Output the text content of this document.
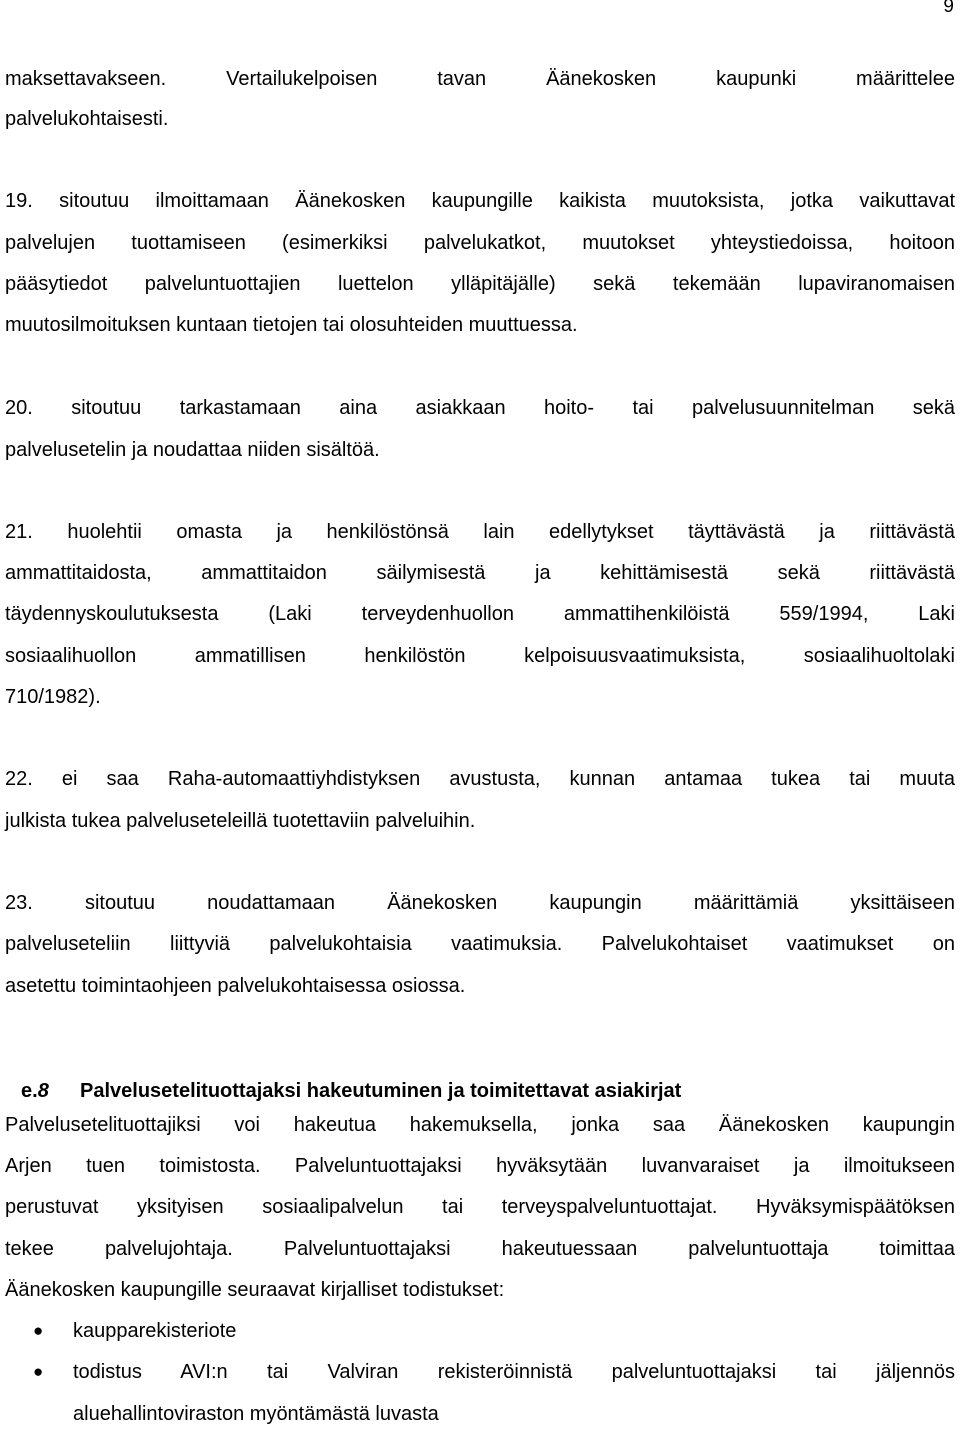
9
maksettavakseen. Vertailukelpoisen tavan Äänekosken kaupunki määrittelee
palvelukohtaisesti.
19. sitoutuu ilmoittamaan Äänekosken kaupungille kaikista muutoksista, jotka vaikuttavat
palvelujen tuottamiseen (esimerkiksi palvelukatkot, muutokset yhteystiedoissa, hoitoon
pääsytiedot palveluntuottajien luettelon ylläpitäjälle) sekä tekemään lupaviranomaisen
muutosilmoituksen kuntaan tietojen tai olosuhteiden muuttuessa.
20. sitoutuu tarkastamaan aina asiakkaan hoito- tai palvelusuunnitelman sekä
palvelusetelin ja noudattaa niiden sisältöä.
21. huolehtii omasta ja henkilöstönsä lain edellytykset täyttävästä ja riittävästä
ammattitaidosta, ammattitaidon säilymisestä ja kehittämisestä sekä riittävästä
täydennyskoulutuksesta (Laki terveydenhuollon ammattihenkilöistä 559/1994, Laki
sosiaalihuollon ammatillisen henkilöstön kelpoisuusvaatimuksista, sosiaalihuoltolaki
710/1982).
22. ei saa Raha-automaattiyhdistyksen avustusta, kunnan antamaa tukea tai muuta
julkista tukea palveluseteleillä tuotettaviin palveluihin.
23. sitoutuu noudattamaan Äänekosken kaupungin määrittämiä yksittäiseen
palveluseteliin liittyviä palvelukohtaisia vaatimuksia. Palvelukohtaiset vaatimukset on
asetettu toimintaohjeen palvelukohtaisessa osiossa.
e.8 Palvelusetelituottajaksi hakeutuminen ja toimitettavat asiakirjat
Palvelusetelituottajiksi voi hakeutua hakemuksella, jonka saa Äänekosken kaupungin
Arjen tuen toimistosta. Palveluntuottajaksi hyväksytään luvanvaraiset ja ilmoitukseen
perustuvat yksityisen sosiaalipalvelun tai terveyspalveluntuottajat. Hyväksymispäätöksen
tekee palvelujohtaja. Palveluntuottajaksi hakeutuessaan palveluntuottaja toimittaa
Äänekosken kaupungille seuraavat kirjalliset todistukset:
● kaupparekisteriote
● todistus AVI:n tai Valviran rekisteröinnistä palveluntuottajaksi tai jäljennös
aluehallintoviraston myöntämästä luvasta
